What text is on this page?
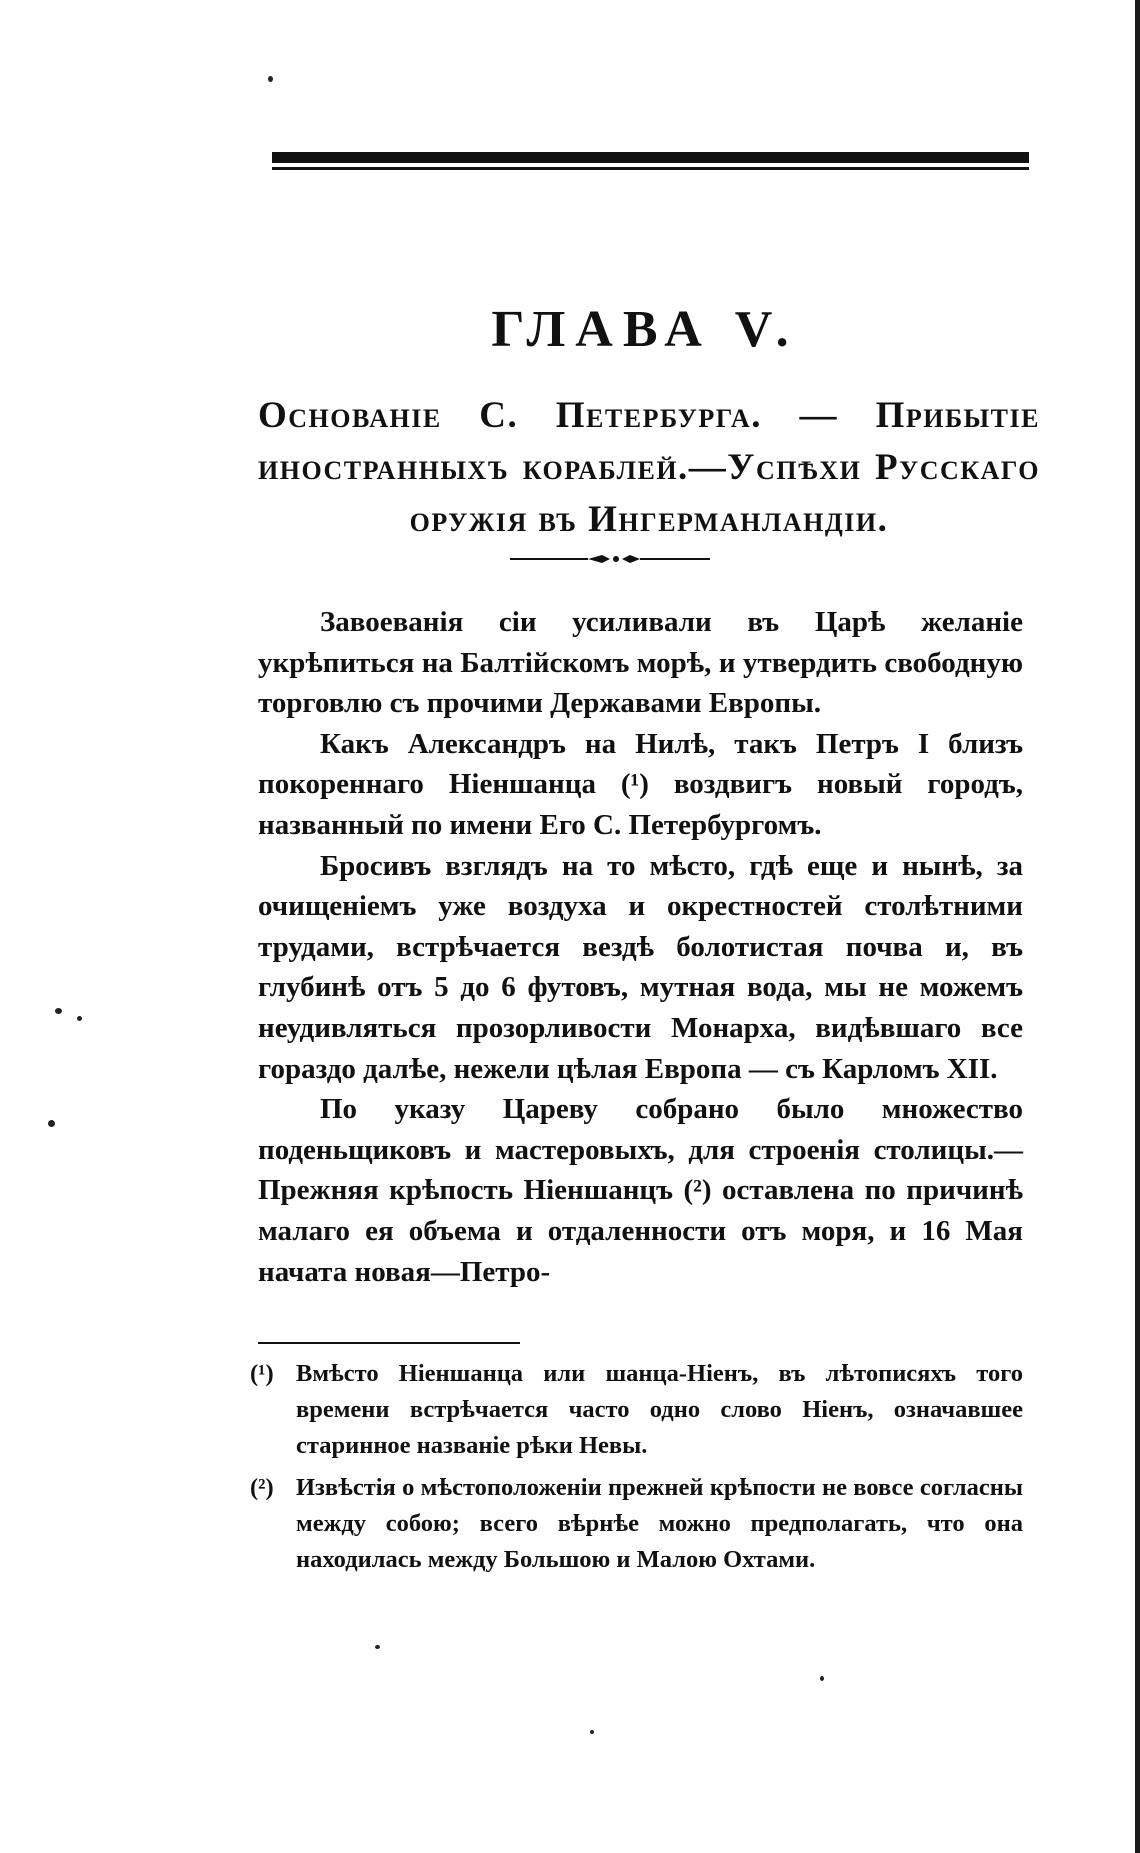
ГЛАВА V.
Основаніе С. Петербурга. — Прибытіе иностранныхъ кораблей.—Успѣхи Русскаго оружія въ Ингерманландіи.

Завоеванія сіи усиливали въ Царѣ желаніе укрѣпиться на Балтійскомъ морѣ, и утвердить свободную торговлю съ прочими Державами Европы.

Какъ Александръ на Нилѣ, такъ Петръ I близъ покореннаго Ніеншанца (¹) воздвигъ новый городъ, названный по имени Его С. Петербургомъ.

Бросивъ взглядъ на то мѣсто, гдѣ еще и нынѣ, за очищеніемъ уже воздуха и окрестностей столѣтними трудами, встрѣчается вездѣ болотистая почва и, въ глубинѣ отъ 5 до 6 футовъ, мутная вода, мы не можемъ неудивляться прозорливости Монарха, видѣвшаго все гораздо далѣе, нежели цѣлая Европа — съ Карломъ XII.

По указу Цареву собрано было множество поденьщиковъ и мастеровыхъ, для строенія столицы.—Прежняя крѣпость Ніеншанцъ (²) оставлена по причинѣ малаго ея объема и отдаленности отъ моря, и 16 Мая начата новая—Петро-

(¹) Вмѣсто Ніеншанца или шанца-Ніенъ, въ лѣтописяхъ того времени встрѣчается часто одно слово Ніенъ, означавшее старинное названіе рѣки Невы.
(²) Извѣстія о мѣстоположеніи прежней крѣпости не вовсе согласны между собою; всего вѣрнѣе можно предполагать, что она находилась между Большою и Малою Охтами.
